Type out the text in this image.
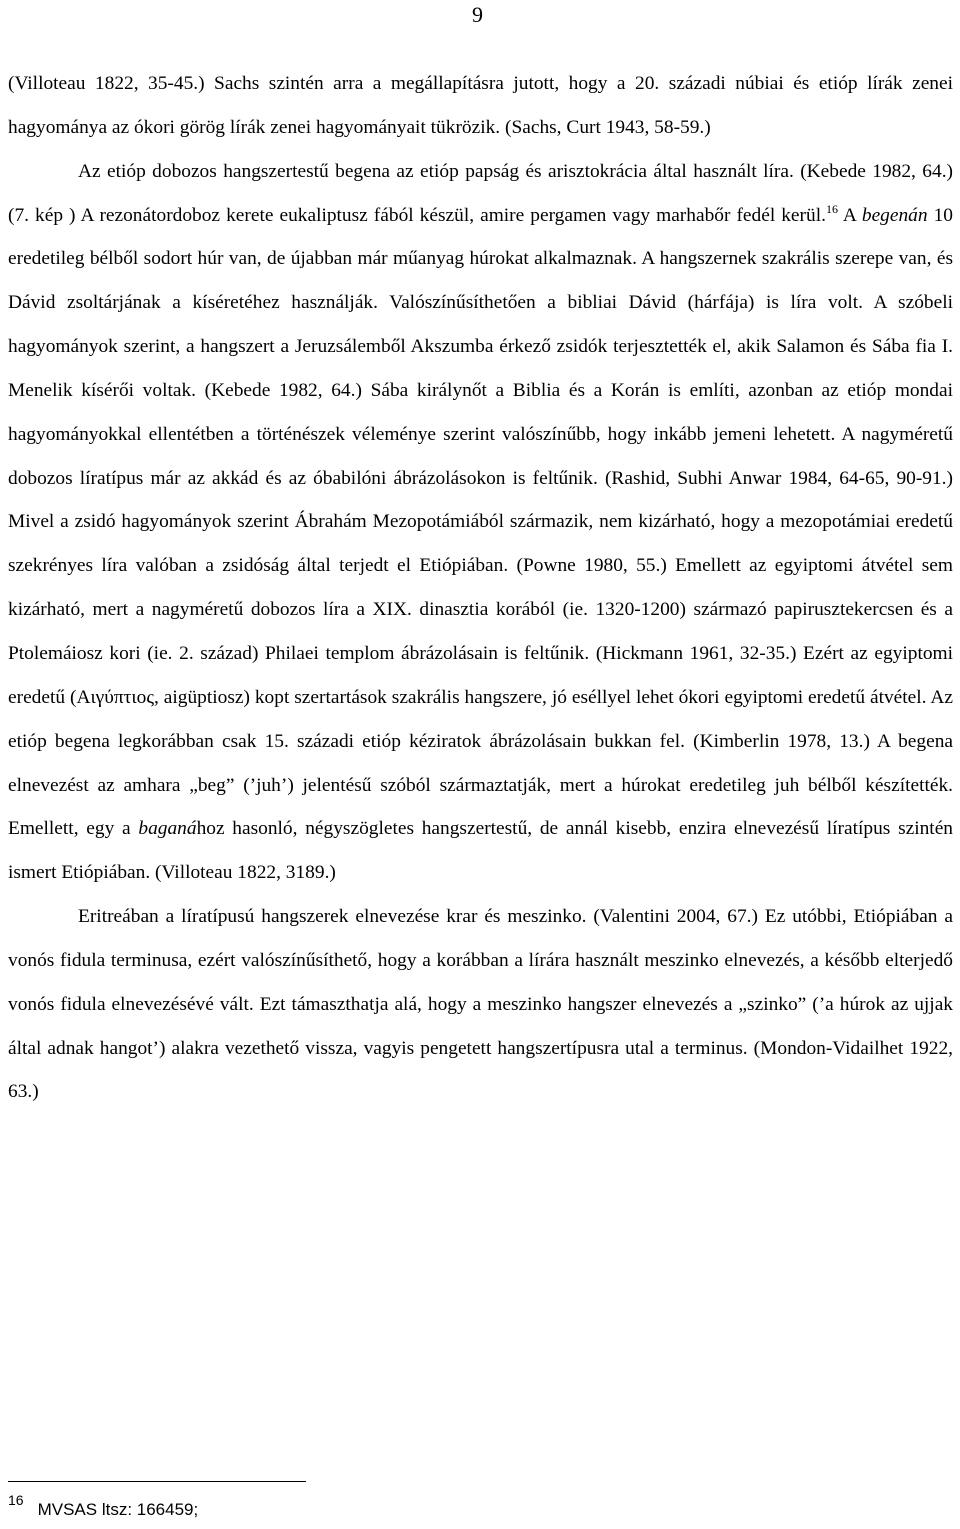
9

(Villoteau 1822, 35-45.) Sachs szintén arra a megállapításra jutott, hogy a 20. századi núbiai és etióp lírák zenei hagyománya az ókori görög lírák zenei hagyományait tükrözik. (Sachs, Curt 1943, 58-59.)

Az etióp dobozos hangszertestű begena az etióp papság és arisztokrácia által használt líra. (Kebede 1982, 64.) (7. kép ) A rezonátordoboz kerete eukaliptusz fából készül, amire pergamen vagy marhabőr fedél kerül.$^{16}$ A begenán 10 eredetileg bélből sodort húr van, de újabban már műanyag húrokat alkalmaznak. A hangszernek szakrális szerepe van, és Dávid zsoltárjának a kíséretéhez használják. Valószínűsíthetően a bibliai Dávid (hárfája) is líra volt. A szóbeli hagyományok szerint, a hangszert a Jeruzsálemből Akszumba érkező zsidók terjesztették el, akik Salamon és Sába fia I. Menelik kísérői voltak. (Kebede 1982, 64.) Sába királynőt a Biblia és a Korán is említi, azonban az etióp mondai hagyományokkal ellentétben a történészek véleménye szerint valószínűbb, hogy inkább jemeni lehetett. A nagyméretű dobozos líratípus már az akkád és az óbabilóni ábrázolásokon is feltűnik. (Rashid, Subhi Anwar 1984, 64-65, 90-91.) Mivel a zsidó hagyományok szerint Ábrahám Mezopotámiából származik, nem kizárható, hogy a mezopotámiai eredetű szekrényes líra valóban a zsidóság által terjedt el Etiópiában. (Powne 1980, 55.) Emellett az egyiptomi átvétel sem kizárható, mert a nagyméretű dobozos líra a XIX. dinasztia korából (ie. 1320-1200) származó papirusztekercsen és a Ptolemáiosz kori (ie. 2. század) Philaei templom ábrázolásain is feltűnik. (Hickmann 1961, 32-35.) Ezért az egyiptomi eredetű (Αιγύπτιος, aigüptiosz) kopt szertartások szakrális hangszere, jó eséllyel lehet ókori egyiptomi eredetű átvétel. Az etióp begena legkorábban csak 15. századi etióp kéziratok ábrázolásain bukkan fel. (Kimberlin 1978, 13.) A begena elnevezést az amhara „beg” (’juh’) jelentésű szóból származtatják, mert a húrokat eredetileg juh bélből készítették. Emellett, egy a baganához hasonló, négyszögletes hangszertestű, de annál kisebb, enzira elnevezésű líratípus szintén ismert Etiópiában. (Villoteau 1822, 3189.)

Eritreában a líratípusú hangszerek elnevezése krar és meszinko. (Valentini 2004, 67.) Ez utóbbi, Etiópiában a vonós fidula terminusa, ezért valószínűsíthető, hogy a korábban a lírára használt meszinko elnevezés, a később elterjedő vonós fidula elnevezésévé vált. Ezt támaszthatja alá, hogy a meszinko hangszer elnevezés a „szinko” (’a húrok az ujjak által adnak hangot’) alakra vezethető vissza, vagyis pengetett hangszertípusra utal a terminus. (Mondon-Vidailhet 1922, 63.)

$^{16}$ MVSAS ltsz: 166459;
